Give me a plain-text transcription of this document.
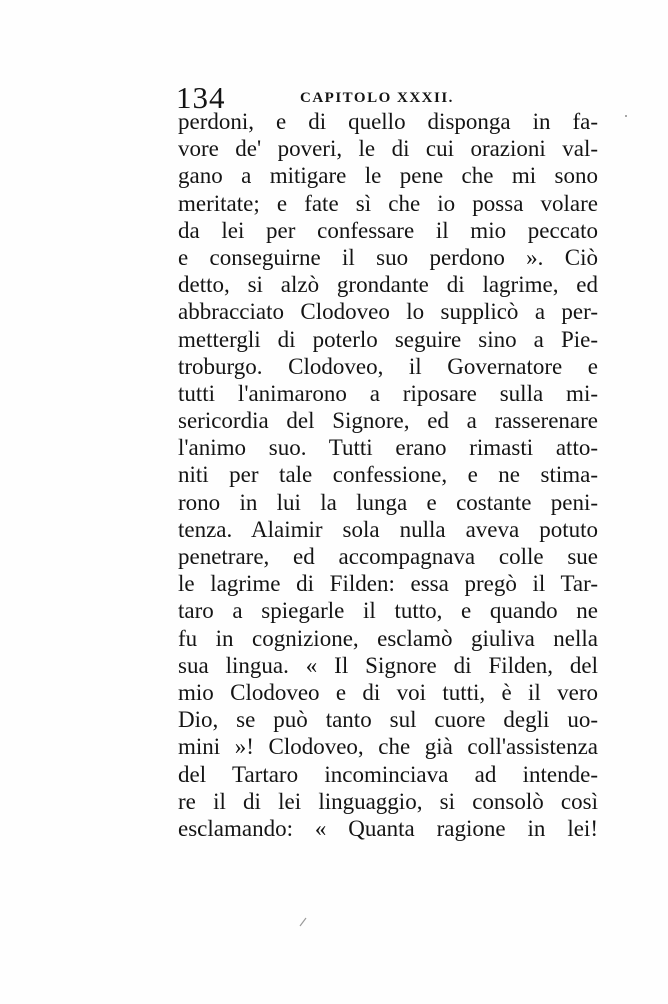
134	CAPITOLO XXXII.
perdoni, e di quello disponga in fa-
vore de' poveri, le di cui orazioni val-
gano a mitigare le pene che mi sono
meritate; e fate sì che io possa volare
da lei per confessare il mio peccato
e conseguirne il suo perdono ». Ciò
detto, si alzò grondante di lagrime, ed
abbracciato Clodoveo lo supplicò a per-
mettergli di poterlo seguire sino a Pie-
troburgo. Clodoveo, il Governatore e
tutti l'animarono a riposare sulla mi-
sericordia del Signore, ed a rasserenare
l'animo suo. Tutti erano rimasti atto-
niti per tale confessione, e ne stima-
rono in lui la lunga e costante peni-
tenza. Alaimir sola nulla aveva potuto
penetrare, ed accompagnava colle sue
le lagrime di Filden: essa pregò il Tar-
taro a spiegarle il tutto, e quando ne
fu in cognizione, esclamò giuliva nella
sua lingua. « Il Signore di Filden, del
mio Clodoveo e di voi tutti, è il vero
Dio, se può tanto sul cuore degli uo-
mini »! Clodoveo, che già coll'assistenza
del Tartaro incominciava ad intende-
re il di lei linguaggio, si consolò così
esclamando: « Quanta ragione in lei!
